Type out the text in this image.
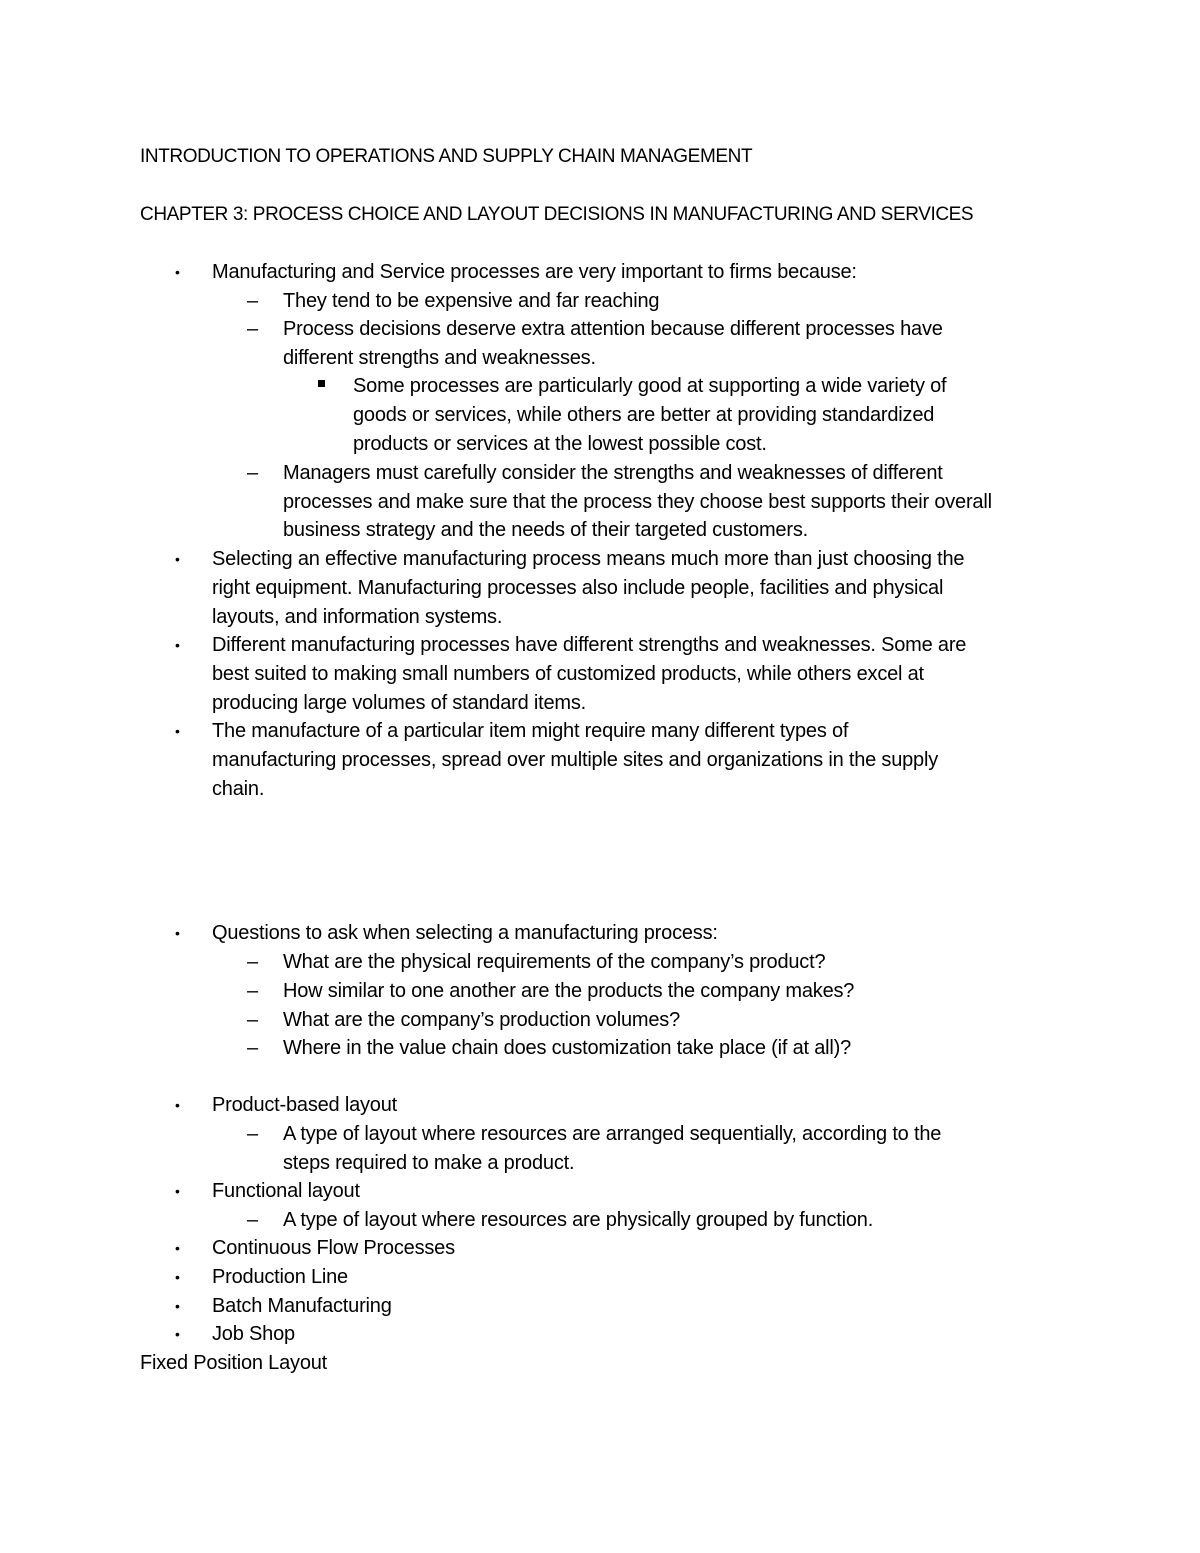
INTRODUCTION TO OPERATIONS AND SUPPLY CHAIN MANAGEMENT
CHAPTER 3: PROCESS CHOICE AND LAYOUT DECISIONS IN MANUFACTURING AND SERVICES
• Manufacturing and Service processes are very important to firms because:
– They tend to be expensive and far reaching
– Process decisions deserve extra attention because different processes have
different strengths and weaknesses.
Some processes are particularly good at supporting a wide variety of
goods or services, while others are better at providing standardized
products or services at the lowest possible cost.
– Managers must carefully consider the strengths and weaknesses of different
processes and make sure that the process they choose best supports their overall
business strategy and the needs of their targeted customers.
• Selecting an effective manufacturing process means much more than just choosing the
right equipment. Manufacturing processes also include people, facilities and physical
layouts, and information systems.
• Different manufacturing processes have different strengths and weaknesses. Some are
best suited to making small numbers of customized products, while others excel at
producing large volumes of standard items.
• The manufacture of a particular item might require many different types of
manufacturing processes, spread over multiple sites and organizations in the supply
chain.
• Questions to ask when selecting a manufacturing process:
– What are the physical requirements of the company’s product?
– How similar to one another are the products the company makes?
– What are the company’s production volumes?
– Where in the value chain does customization take place (if at all)?
• Product-based layout
– A type of layout where resources are arranged sequentially, according to the
steps required to make a product.
• Functional layout
– A type of layout where resources are physically grouped by function.
• Continuous Flow Processes
• Production Line
• Batch Manufacturing
• Job Shop
Fixed Position Layout
